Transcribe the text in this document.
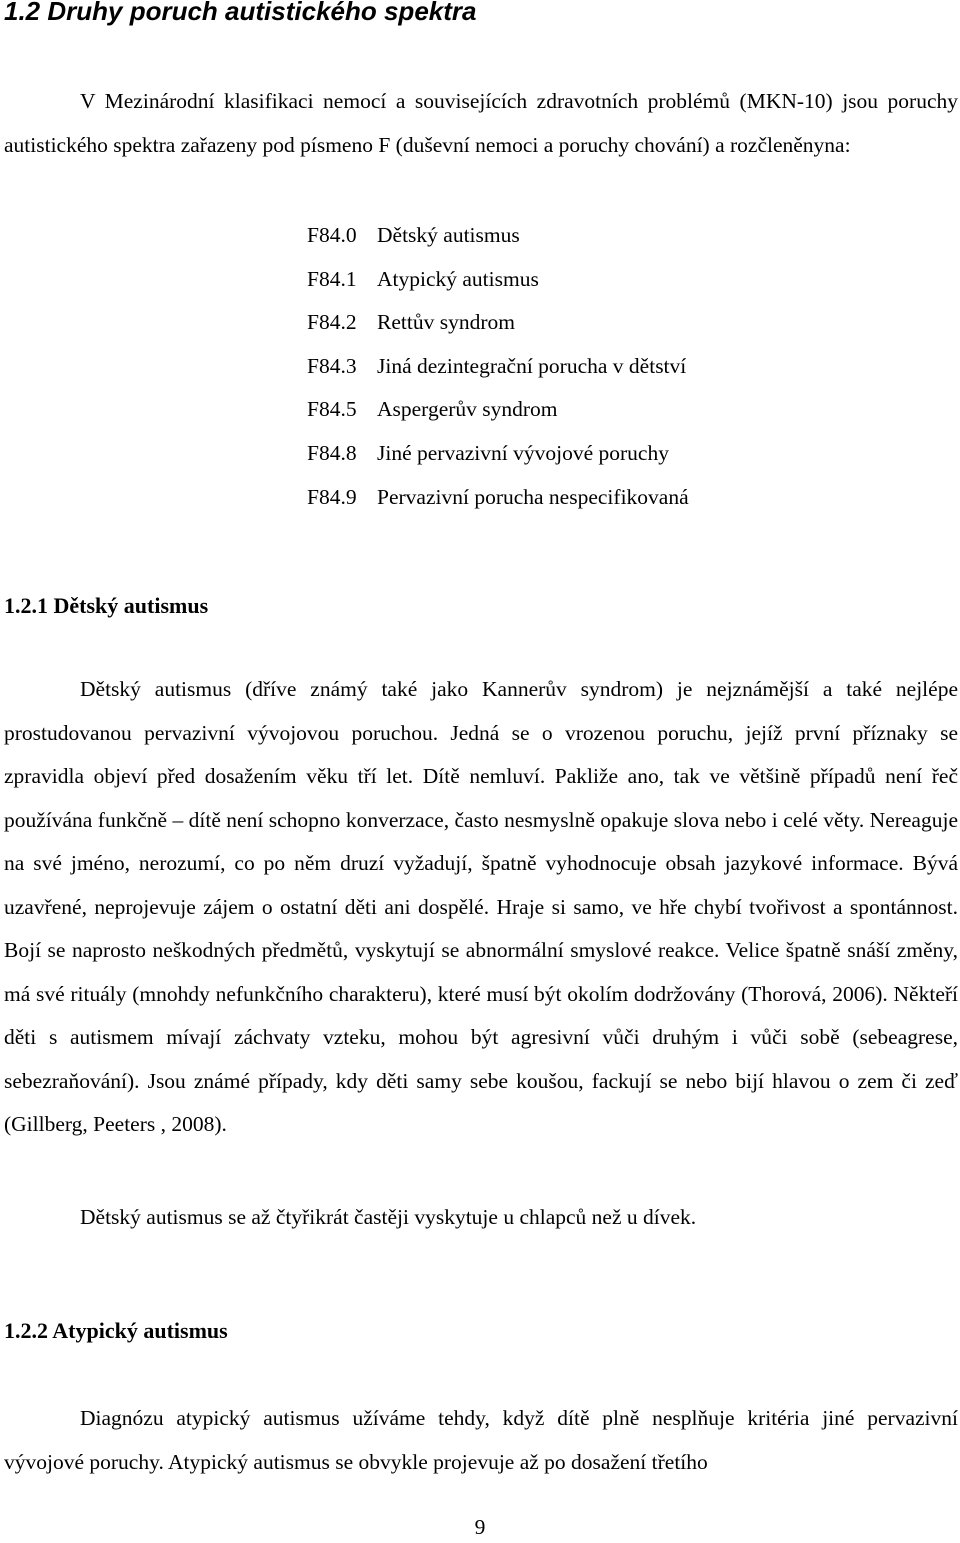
1.2 Druhy poruch autistického spektra

V Mezinárodní klasifikaci nemocí a souvisejících zdravotních problémů (MKN-10) jsou poruchy autistického spektra zařazeny pod písmeno F (duševní nemoci a poruchy chování) a rozčleněnyna:

F84.0 Dětský autismus
F84.1 Atypický autismus
F84.2 Rettův syndrom
F84.3 Jiná dezintegrační porucha v dětství
F84.5 Aspergerův syndrom
F84.8 Jiné pervazivní vývojové poruchy
F84.9 Pervazivní porucha nespecifikovaná
1.2.1 Dětský autismus

Dětský autismus (dříve známý také jako Kannerův syndrom) je nejznámější a také nejlépe prostudovanou pervazivní vývojovou poruchou. Jedná se o vrozenou poruchu, jejíž první příznaky se zpravidla objeví před dosažením věku tří let. Dítě nemluví. Pakliže ano, tak ve většině případů není řeč používána funkčně – dítě není schopno konverzace, často nesmyslně opakuje slova nebo i celé věty. Nereaguje na své jméno, nerozumí, co po něm druzí vyžadují, špatně vyhodnocuje obsah jazykové informace. Bývá uzavřené, neprojevuje zájem o ostatní děti ani dospělé. Hraje si samo, ve hře chybí tvořivost a spontánnost. Bojí se naprosto neškodných předmětů, vyskytují se abnormální smyslové reakce. Velice špatně snáší změny, má své rituály (mnohdy nefunkčního charakteru), které musí být okolím dodržovány (Thorová, 2006). Někteří děti s autismem mívají záchvaty vzteku, mohou být agresivní vůči druhým i vůči sobě (sebeagrese, sebezraňování). Jsou známé případy, kdy děti samy sebe koušou, fackují se nebo bijí hlavou o zem či zeď (Gillberg, Peeters , 2008).

Dětský autismus se až čtyřikrát častěji vyskytuje u chlapců než u dívek.

1.2.2 Atypický autismus

Diagnózu atypický autismus užíváme tehdy, když dítě plně nesplňuje kritéria jiné pervazivní vývojové poruchy. Atypický autismus se obvykle projevuje až po dosažení třetího

9
